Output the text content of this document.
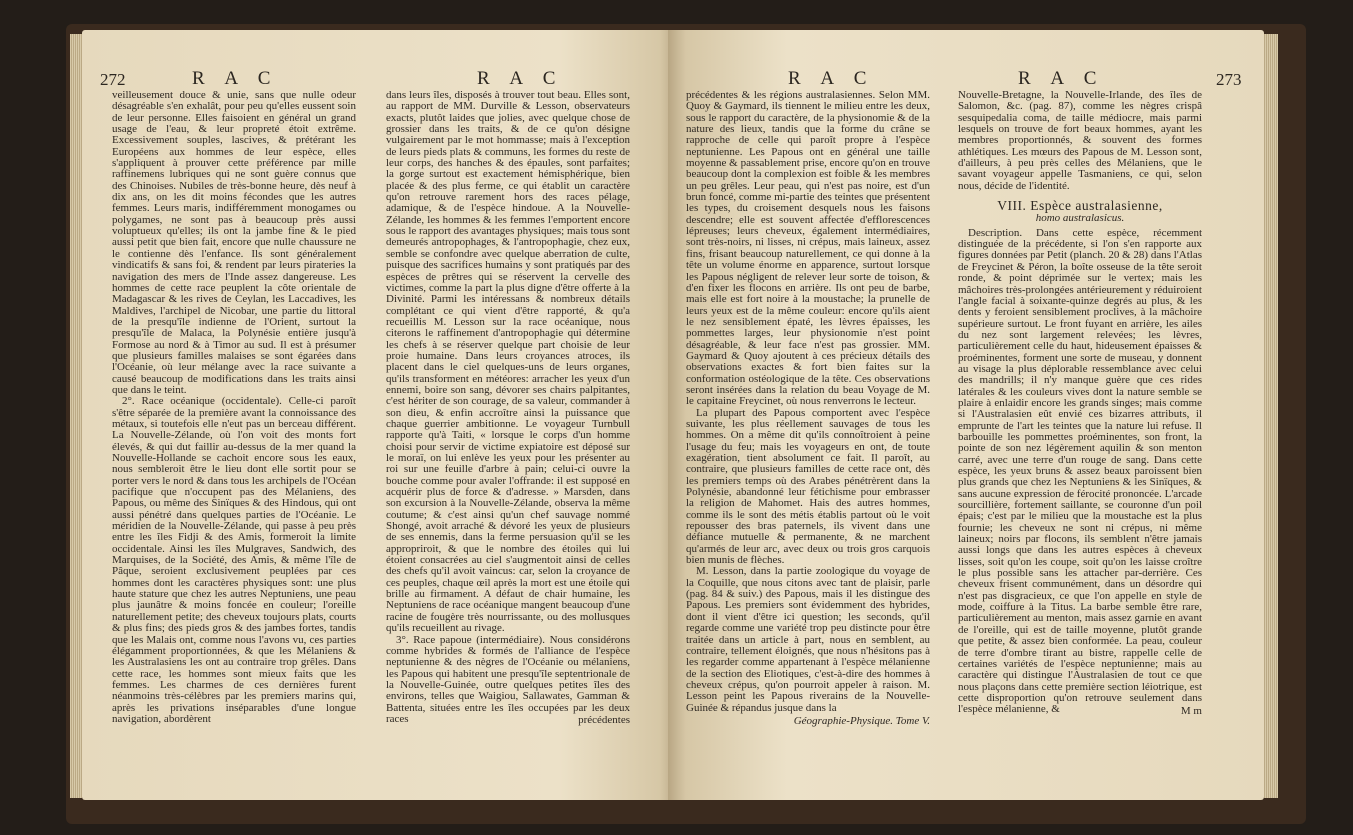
272	R A C	R A C

veilleusement douce & unie, sans que nulle odeur désagréable s'en exhalât, pour peu qu'elles eussent soin de leur personne. Elles faisoient en général un grand usage de l'eau, & leur propreté étoit extrême. Excessivement souples, lascives, & prétérant les Européens aux hommes de leur espèce, elles s'appliquent à prouver cette préférence par mille raffinemens lubriques qui ne sont guère connus que des Chinoises. Nubiles de très-bonne heure, dès neuf à dix ans, on les dit moins fécondes que les autres femmes. Leurs maris, indifféremment monogames ou polygames, ne sont pas à beaucoup près aussi voluptueux qu'elles; ils ont la jambe fine & le pied aussi petit que bien fait, encore que nulle chaussure ne le contienne dès l'enfance. Ils sont généralement vindicatifs & sans foi, & rendent par leurs pirateries la navigation des mers de l'Inde assez dangereuse. Les hommes de cette race peuplent la côte orientale de Madagascar & les rives de Ceylan, les Laccadives, les Maldives, l'archipel de Nicobar, une partie du littoral de la presqu'île indienne de l'Orient, surtout la presqu'île de Malaca, la Polynésie entière jusqu'à Formose au nord & à Timor au sud. Il est à présumer que plusieurs familles malaises se sont égarées dans l'Océanie, où leur mélange avec la race suivante a causé beaucoup de modifications dans les traits ainsi que dans le teint.

2°. Race océanique (occidentale). Celle-ci paroît s'être séparée de la première avant la connoissance des métaux, si toutefois elle n'eut pas un berceau différent. La Nouvelle-Zélande, où l'on voit des monts fort élevés, & qui dut faillir au-dessus de la mer quand la Nouvelle-Hollande se cachoit encore sous les eaux, nous sembleroit être le lieu dont elle sortit pour se porter vers le nord & dans tous les archipels de l'Océan pacifique que n'occupent pas des Mélaniens, des Papous, ou même des Sinïques & des Hindous, qui ont aussi pénétré dans quelques parties de l'Océanie. Le méridien de la Nouvelle-Zélande, qui passe à peu près entre les îles Fidji & des Amis, formeroit la limite occidentale. Ainsi les îles Mulgraves, Sandwich, des Marquises, de la Société, des Amis, & même l'île de Pâque, seroient exclusivement peuplées par ces hommes dont les caractères physiques sont: une plus haute stature que chez les autres Neptuniens, une peau plus jaunâtre & moins foncée en couleur; l'oreille naturellement petite; des cheveux toujours plats, courts & plus fins; des pieds gros & des jambes fortes, tandis que les Malais ont, comme nous l'avons vu, ces parties élégamment proportionnées, & que les Mélaniens & les Australasiens les ont au contraire trop grêles. Dans cette race, les hommes sont mieux faits que les femmes. Les charmes de ces dernières furent néanmoins très-célèbres par les premiers marins qui, après les privations inséparables d'une longue navigation, abordèrent

dans leurs îles, disposés à trouver tout beau. Elles sont, au rapport de MM. Durville & Lesson, observateurs exacts, plutôt laides que jolies, avec quelque chose de grossier dans les traits, & de ce qu'on désigne vulgairement par le mot hommasse; mais à l'exception de leurs pieds plats & communs, les formes du reste de leur corps, des hanches & des épaules, sont parfaites; la gorge surtout est exactement hémisphérique, bien placée & des plus ferme, ce qui établit un caractère qu'on retrouve rarement hors des races pélage, adamique, & de l'espèce hindoue. A la Nouvelle-Zélande, les hommes & les femmes l'emportent encore sous le rapport des avantages physiques; mais tous sont demeurés antropophages, & l'antropophagie, chez eux, semble se confondre avec quelque aberration de culte, puisque des sacrifices humains y sont pratiqués par des espèces de prêtres qui se réservent la cervelle des victimes, comme la part la plus digne d'être offerte à la Divinité. Parmi les intéressans & nombreux détails complétant ce qui vient d'être rapporté, & qu'a recueillis M. Lesson sur la race océanique, nous citerons le raffinement d'antropophagie qui détermine les chefs à se réserver quelque part choisie de leur proie humaine. Dans leurs croyances atroces, ils placent dans le ciel quelques-uns de leurs organes, qu'ils transforment en météores: arracher les yeux d'un ennemi, boire son sang, dévorer ses chairs palpitantes, c'est hériter de son courage, de sa valeur, commander à son dieu, & enfin accroître ainsi la puissance que chaque guerrier ambitionne. Le voyageur Turnbull rapporte qu'à Taiti, « lorsque le corps d'un homme choisi pour servir de victime expiatoire est déposé sur le moraï, on lui enlève les yeux pour les présenter au roi sur une feuille d'arbre à pain; celui-ci ouvre la bouche comme pour avaler l'offrande: il est supposé en acquérir plus de force & d'adresse. » Marsden, dans son excursion à la Nouvelle-Zélande, observa la même coutume; & c'est ainsi qu'un chef sauvage nommé Shongé, avoit arraché & dévoré les yeux de plusieurs de ses ennemis, dans la ferme persuasion qu'il se les appropriroit, & que le nombre des étoiles qui lui étoient consacrées au ciel s'augmentoit ainsi de celles des chefs qu'il avoit vaincus: car, selon la croyance de ces peuples, chaque œil après la mort est une étoile qui brille au firmament. A défaut de chair humaine, les Neptuniens de race océanique mangent beaucoup d'une racine de fougère très nourrissante, ou des mollusques qu'ils recueillent au rivage.

3°. Race papoue (intermédiaire). Nous considérons comme hybrides & formés de l'alliance de l'espèce neptunienne & des nègres de l'Océanie ou mélaniens, les Papous qui habitent une presqu'île septentrionale de la Nouvelle-Guinée, outre quelques petites îles des environs, telles que Waigiou, Sallawates, Gamman & Battenta, situées entre les îles occupées par les deux races	précédentes

R A C	R A C	273

précédentes & les régions australasiennes. Selon MM. Quoy & Gaymard, ils tiennent le milieu entre les deux, sous le rapport du caractère, de la physionomie & de la nature des lieux, tandis que la forme du crâne se rapproche de celle qui paroît propre à l'espèce neptunienne. Les Papous ont en général une taille moyenne & passablement prise, encore qu'on en trouve beaucoup dont la complexion est foible & les membres un peu grêles. Leur peau, qui n'est pas noire, est d'un brun foncé, comme mi-partie des teintes que présentent les types, du croisement desquels nous les faisons descendre; elle est souvent affectée d'efflorescences lépreuses; leurs cheveux, également intermédiaires, sont très-noirs, ni lisses, ni crépus, mais laineux, assez fins, frisant beaucoup naturellement, ce qui donne à la tête un volume énorme en apparence, surtout lorsque les Papous négligent de relever leur sorte de toison, & d'en fixer les flocons en arrière. Ils ont peu de barbe, mais elle est fort noire à la moustache; la prunelle de leurs yeux est de la même couleur: encore qu'ils aient le nez sensiblement épaté, les lèvres épaisses, les pommettes larges, leur physionomie n'est point désagréable, & leur face n'est pas grossier. MM. Gaymard & Quoy ajoutent à ces précieux détails des observations exactes & fort bien faites sur la conformation ostéologique de la tête. Ces observations seront insérées dans la relation du beau Voyage de M. le capitaine Freycinet, où nous renverrons le lecteur.

La plupart des Papous comportent avec l'espèce suivante, les plus réellement sauvages de tous les hommes. On a même dit qu'ils connoîtroient à peine l'usage du feu; mais les voyageurs en ont, de toute exagération, tient absolument ce fait. Il paroît, au contraire, que plusieurs familles de cette race ont, dès les premiers temps où des Arabes pénétrèrent dans la Polynésie, abandonné leur fétichisme pour embrasser la religion de Mahomet. Hais des autres hommes, comme ils le sont des métis établis partout où le voit repousser des bras paternels, ils vivent dans une défiance mutuelle & permanente, & ne marchent qu'armés de leur arc, avec deux ou trois gros carquois bien munis de flèches.

M. Lesson, dans la partie zoologique du voyage de la Coquille, que nous citons avec tant de plaisir, parle (pag. 84 & suiv.) des Papous, mais il les distingue des Papous. Les premiers sont évidemment des hybrides, dont il vient d'être ici question; les seconds, qu'il regarde comme une variété trop peu distincte pour être traitée dans un article à part, nous en semblent, au contraire, tellement éloignés, que nous n'hésitons pas à les regarder comme appartenant à l'espèce mélanienne de la section des Eliotiques, c'est-à-dire des hommes à cheveux crépus, qu'on pourroit appeler à raison. M. Lesson peint les Papous riverains de la Nouvelle-Guinée & répandus jusque dans la

Géographie-Physique. Tome V.

Nouvelle-Bretagne, la Nouvelle-Irlande, des îles de Salomon, &c. (pag. 87), comme les nègres crispâ sesquipedalia coma, de taille médiocre, mais parmi lesquels on trouve de fort beaux hommes, ayant les membres proportionnés, & souvent des formes athlétiques. Les mœurs des Papous de M. Lesson sont, d'ailleurs, à peu près celles des Mélaniens, que le savant voyageur appelle Tasmaniens, ce qui, selon nous, décide de l'identité.

VIII. Espèce australasienne,

homo australasicus.

Description. Dans cette espèce, récemment distinguée de la précédente, si l'on s'en rapporte aux figures données par Petit (planch. 20 & 28) dans l'Atlas de Freycinet & Péron, la boîte osseuse de la tête seroit ronde, & point déprimée sur le vertex; mais les mâchoires très-prolongées antérieurement y réduiroient l'angle facial à soixante-quinze degrés au plus, & les dents y feroient sensiblement proclives, à la mâchoire supérieure surtout. Le front fuyant en arrière, les ailes du nez sont largement relevées; les lèvres, particulièrement celle du haut, hideusement épaisses & proéminentes, forment une sorte de museau, y donnent au visage la plus déplorable ressemblance avec celui des mandrills; il n'y manque guère que ces rides latérales & les couleurs vives dont la nature semble se plaire à enlaidir encore les grands singes; mais comme si l'Australasien eût envié ces bizarres attributs, il emprunte de l'art les teintes que la nature lui refuse. Il barbouille les pommettes proéminentes, son front, la pointe de son nez légèrement aquilin & son menton carré, avec une terre d'un rouge de sang. Dans cette espèce, les yeux bruns & assez beaux paroissent bien plus grands que chez les Neptuniens & les Sinïques, & sans aucune expression de férocité prononcée. L'arcade sourcillière, fortement saillante, se couronne d'un poil épais; c'est par le milieu que la moustache est la plus fournie; les cheveux ne sont ni crépus, ni même laineux; noirs par flocons, ils semblent n'être jamais aussi longs que dans les autres espèces à cheveux lisses, soit qu'on les coupe, soit qu'on les laisse croître le plus possible sans les attacher par-derrière. Ces cheveux frisent communément, dans un désordre qui n'est pas disgracieux, ce que l'on appelle en style de mode, coiffure à la Titus. La barbe semble être rare, particulièrement au menton, mais assez garnie en avant de l'oreille, qui est de taille moyenne, plutôt grande que petite, & assez bien conformée. La peau, couleur de terre d'ombre tirant au bistre, rappelle celle de certaines variétés de l'espèce neptunienne; mais au caractère qui distingue l'Australasien de tout ce que nous plaçons dans cette première section léiotrique, est cette disproportion qu'on retrouve seulement dans l'espèce mélanienne, &	M m
